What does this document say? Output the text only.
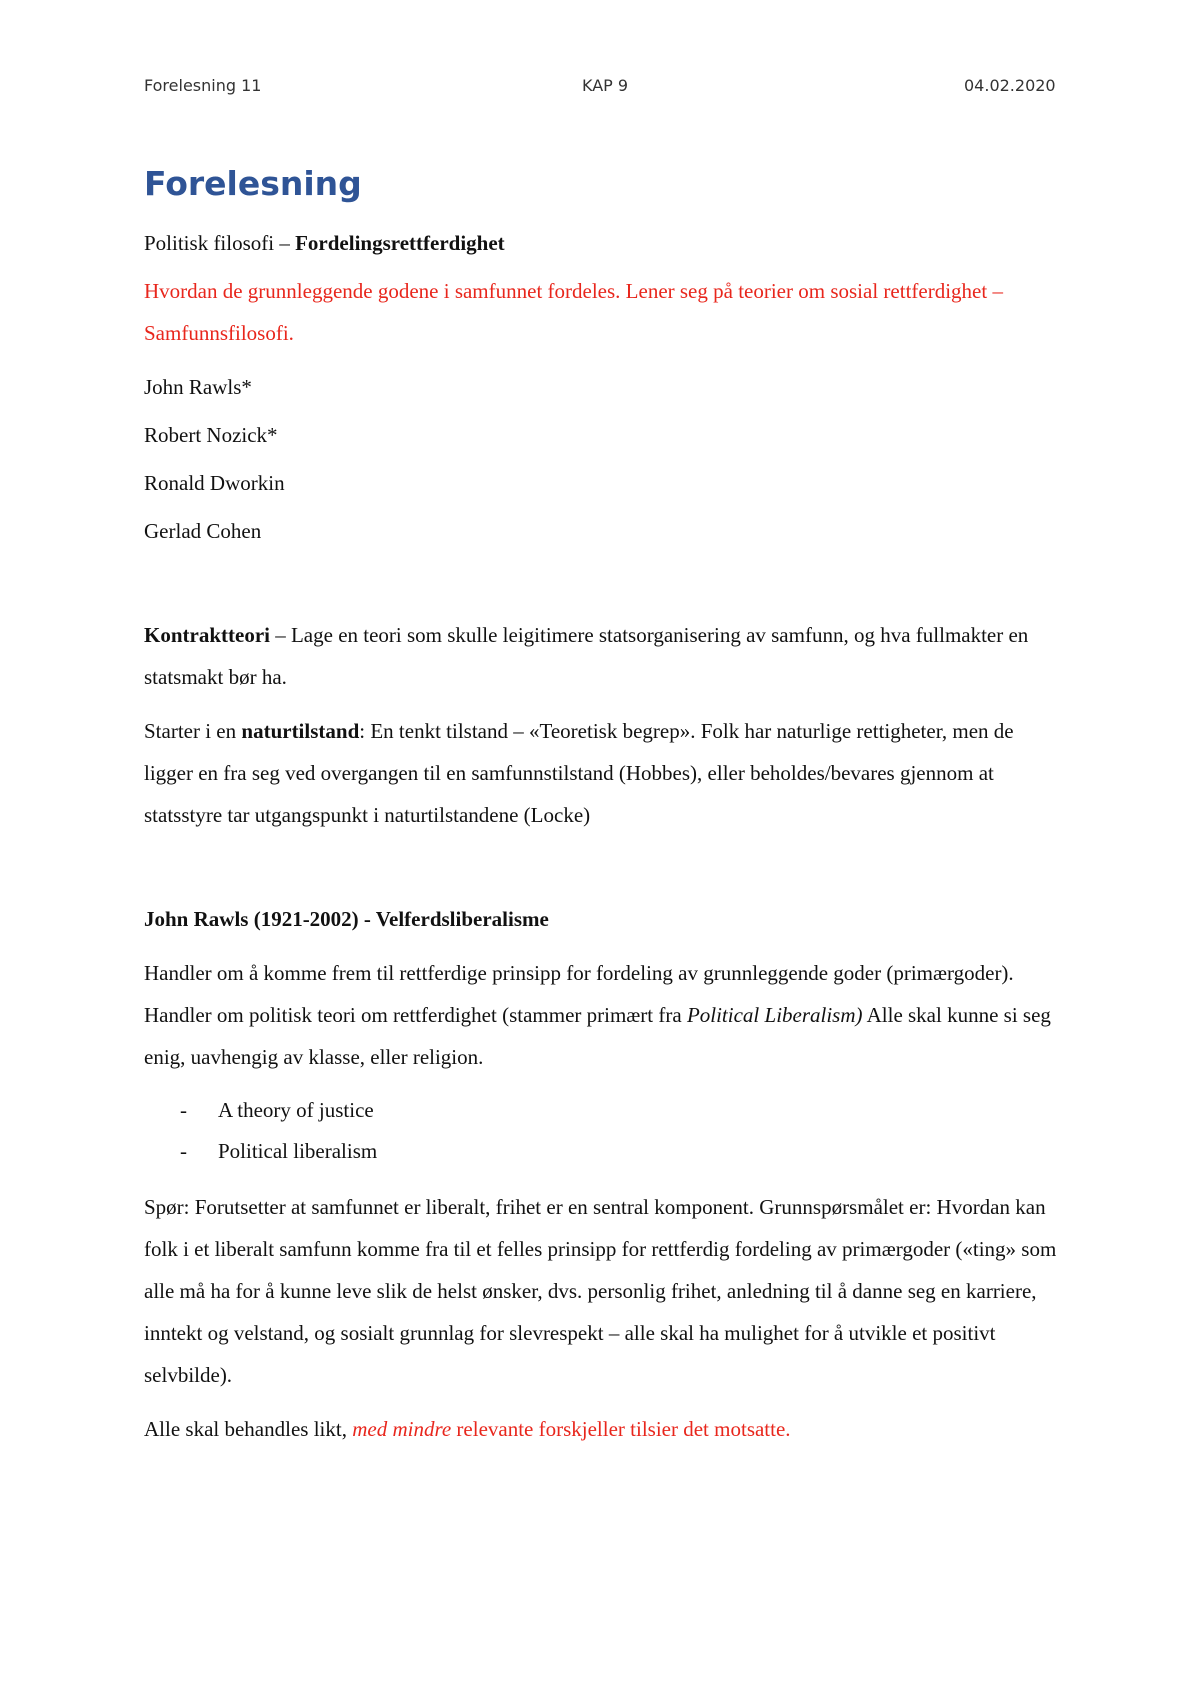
Forelesning 11	KAP 9	04.02.2020
Forelesning

Politisk filosofi – Fordelingsrettferdighet

Hvordan de grunnleggende godene i samfunnet fordeles. Lener seg på teorier om sosial rettferdighet – Samfunnsfilosofi.

John Rawls*

Robert Nozick*

Ronald Dworkin

Gerlad Cohen

Kontraktteori – Lage en teori som skulle leigitimere statsorganisering av samfunn, og hva fullmakter en statsmakt bør ha.

Starter i en naturtilstand: En tenkt tilstand – «Teoretisk begrep». Folk har naturlige rettigheter, men de ligger en fra seg ved overgangen til en samfunnstilstand (Hobbes), eller beholdes/bevares gjennom at statsstyre tar utgangspunkt i naturtilstandene (Locke)

John Rawls (1921-2002) - Velferdsliberalisme

Handler om å komme frem til rettferdige prinsipp for fordeling av grunnleggende goder (primærgoder). Handler om politisk teori om rettferdighet (stammer primært fra Political Liberalism) Alle skal kunne si seg enig, uavhengig av klasse, eller religion.

- A theory of justice
- Political liberalism

Spør: Forutsetter at samfunnet er liberalt, frihet er en sentral komponent. Grunnspørsmålet er: Hvordan kan folk i et liberalt samfunn komme fra til et felles prinsipp for rettferdig fordeling av primærgoder («ting» som alle må ha for å kunne leve slik de helst ønsker, dvs. personlig frihet, anledning til å danne seg en karriere, inntekt og velstand, og sosialt grunnlag for slevrespekt – alle skal ha mulighet for å utvikle et positivt selvbilde).

Alle skal behandles likt, med mindre relevante forskjeller tilsier det motsatte.
